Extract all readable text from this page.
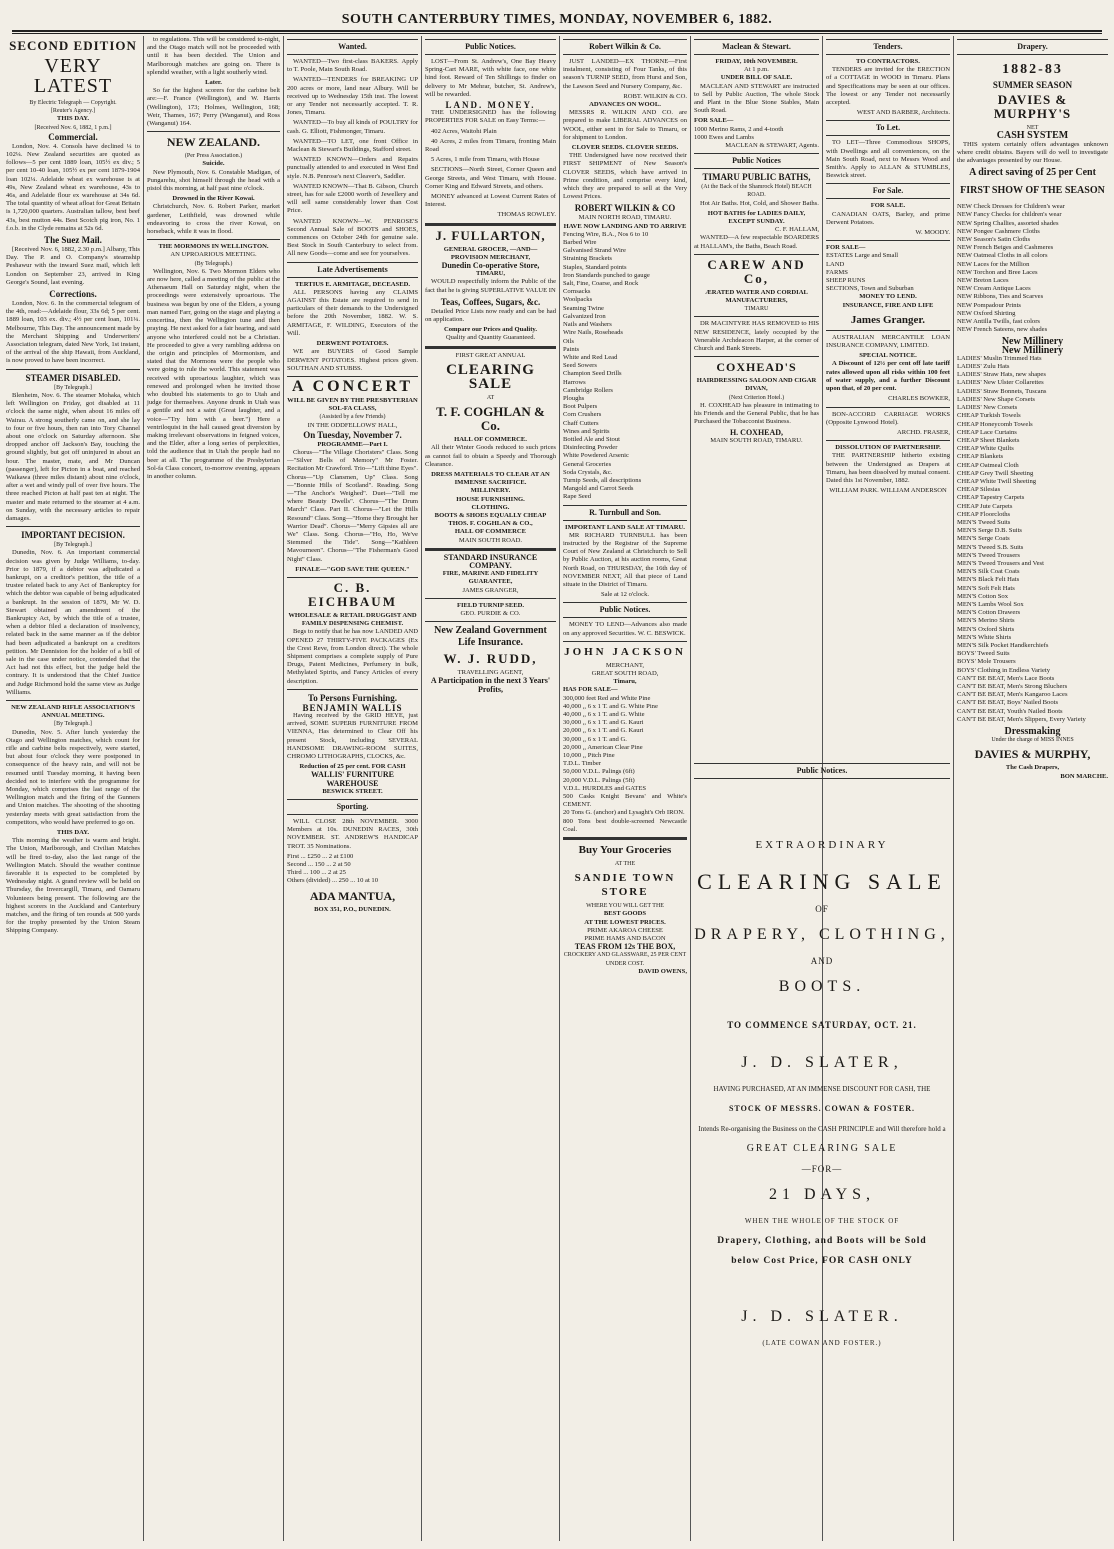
SOUTH CANTERBURY TIMES, MONDAY, NOVEMBER 6, 1882.
SECOND EDITION
VERY LATEST
By Electric Telegraph — Copyright.
[Reuter's Agency.]
THIS DAY.
[Received Nov. 6, 1882, 1 p.m.]
Commercial.

London, Nov. 4. Consols have declined ¼ to 102¼. New Zealand securities are quoted as follows—5 per cent 1889 loan, 105½ ex div.; 5 per cent 10-40 loan, 105½ ex per cent 1879-1904 loan 102¼. Adelaide wheat ex warehouse is at 49s, New Zealand wheat ex warehouse, 43s to 46s, and Adelaide flour ex warehouse at 34s 6d. The total quantity of wheat afloat for Great Britain is 1,720,000 quarters. Australian tallow, best beef 43s, best mutton 44s. Best Scotch pig iron, No. 1 f.o.b. in the Clyde remains at 52s 6d.

The Suez Mail.

[Received Nov. 6, 1882, 2.30 p.m.] Albany, This Day. The P. and O. Company's steamship Peshawur with the inward Suez mail, which left London on September 23, arrived in King George's Sound, last evening.

Corrections.

London, Nov. 6. In the commercial telegram of the 4th, read:—Adelaide flour, 33s 6d; 5 per cent. 1889 loan, 103 ex. div.; 4½ per cent loan, 101¼. Melbourne, This Day. The announcement made by the Merchant Shipping and Underwriters' Association telegram, dated New York, 1st instant, of the arrival of the ship Hawaii, from Auckland, is now proved to have been incorrect.

STEAMER DISABLED.
[By Telegraph.]

Blenheim, Nov. 6. The steamer Mohaka, which left Wellington on Friday, got disabled at 11 o'clock the same night, when about 16 miles off Wairau. A strong southerly came on, and she lay to four or five hours, then ran into Tory Channel about one o'clock on Saturday afternoon. She dropped anchor off Jackson's Bay, touching the ground slightly, but got off uninjured in about an hour. The master, mate, and Mr Duncan (passenger), left for Picton in a boat, and reached Waikawa (three miles distant) about nine o'clock, after a wet and windy pull of over five hours. The three reached Picton at half past ten at night. The master and mate returned to the steamer at 4 a.m. on Sunday, with the necessary articles to repair damages.

IMPORTANT DECISION.
[By Telegraph.]

Dunedin, Nov. 6. An important commercial decision was given by Judge Williams, to-day. Prior to 1879, if a debtor was adjudicated a bankrupt, on a creditor's petition, the title of a trustee related back to any Act of Bankruptcy for which the debtor was capable of being adjudicated a bankrupt. In the session of 1879, Mr W. D. Stewart obtained an amendment of the Bankruptcy Act, by which the title of a trustee, when a debtor filed a declaration of insolvency, related back in the same manner as if the debtor had been adjudicated a bankrupt on a creditors petition. Mr Denniston for the holder of a bill of sale in the case under notice, contended that the Act had not this effect, but the judge held the contrary. It is understood that the Chief Justice and Judge Richmond hold the same view as Judge Williams.

NEW ZEALAND RIFLE ASSOCIATION'S ANNUAL MEETING.
[By Telegraph.]

Dunedin, Nov. 5. After lunch yesterday the Otago and Wellington matches, which count for rifle and carbine belts respectively, were started, but about four o'clock they were postponed in consequence of the heavy rain, and will not be resumed until Tuesday morning, it having been decided not to interfere with the programme for Monday, which comprises the last range of the Wellington match and the firing of the Gunners and Union matches. The shooting of the shooting yesterday meets with great satisfaction from the competitors, who would have preferred to go on.

THIS DAY.

This morning the weather is warm and bright. The Union, Marlborough, and Civilian Matches will be fired to-day, also the last range of the Wellington Match. Should the weather continue favorable it is expected to be completed by Wednesday night. A grand review will be held on Thursday, the Invercargill, Timaru, and Oamaru Volunteers being present. The following are the highest scorers in the Auckland and Canterbury matches, and the firing of ten rounds at 500 yards for the trophy presented by the Union Steam Shipping Company.

to regulations. This will be considered to-night, and the Otago match will not be proceeded with until it has been decided. The Union and Marlborough matches are going on. There is splendid weather, with a light southerly wind.

Later.

So far the highest scorers for the carbine belt are:—F. France (Wellington), and W. Harris (Wellington), 173; Holmes, Wellington, 168; Weir, Thames, 167; Perry (Wanganui), and Ross (Wanganui) 164.

NEW ZEALAND.
(Per Press Association.)
Suicide.

New Plymouth, Nov. 6. Constable Madigan, of Pungarehu, shot himself through the head with a pistol this morning, at half past nine o'clock.

Drowned in the River Kowai.

Christchurch, Nov. 6. Robert Parker, market gardener, Leithfield, was drowned while endeavoring to cross the river Kowai, on horseback, while it was in flood.

THE MORMONS IN WELLINGTON.
AN UPROARIOUS MEETING.
(By Telegraph.)

Wellington, Nov. 6. Two Mormon Elders who are now here, called a meeting of the public at the Athenaeum Hall on Saturday night, when the proceedings were extensively uproarious. The business was begun by one of the Elders, a young man named Farr, going on the stage and playing a concertina, then the Wellington tune and then praying. He next asked for a fair hearing, and said anyone who interfered could not be a Christian. He proceeded to give a very rambling address on the origin and principles of Mormonism, and stated that the Mormons were the people who were going to rule the world. This statement was received with uproarious laughter, which was renewed and prolonged when he invited those who doubted his statements to go to Utah and judge for themselves. Anyone drunk in Utah was a gentile and not a saint (Great laughter, and a voice—"Try him with a beer.") Here a ventriloquist in the hall caused great diversion by making irrelevant observations in feigned voices, and the Elder, after a long series of perplexities, told the audience that in Utah the people had no beer at all. The programme of the Presbyterian Sol-fa Class concert, to-morrow evening, appears in another column.

Wanted.

WANTED—Two first-class BAKERS. Apply to T. Poole, Main South Road.

WANTED—TENDERS for BREAKING UP 200 acres or more, land near Albury. Will be received up to Wednesday 15th inst. The lowest or any Tender not necessarily accepted. T. R. Jones, Timaru.

WANTED—To buy all kinds of POULTRY for cash. G. Elliott, Fishmonger, Timaru.

WANTED—TO LET, one front Office in Maclean & Stewart's Buildings, Stafford street.

WANTED KNOWN—Orders and Repairs punctually attended to and executed in West End style. N.B. Penrose's next Cleaver's, Saddler.

WANTED KNOWN—That B. Gibson, Church street, has for sale £2000 worth of Jewellery and will sell same considerably lower than Cost Price.

WANTED KNOWN—W. PENROSE'S Second Annual Sale of BOOTS and SHOES, commences on October 24th for genuine sale. Best Stock in South Canterbury to select from. All new Goods—come and see for yourselves.

Late Advertisements
TERTIUS E. ARMITAGE, DECEASED.

ALL PERSONS having any CLAIMS AGAINST this Estate are required to send in particulars of their demands to the Undersigned before the 20th November, 1882. W. S. ARMITAGE, F. WILDING, Executors of the Will.

DERWENT POTATOES.

WE are BUYERS of Good Sample DERWENT POTATOES. Highest prices given. SOUTHAN AND STUBBS.

A CONCERT
WILL BE GIVEN BY THE PRESBYTERIAN SOL-FA CLASS,
(Assisted by a few Friends)
IN THE ODDFELLOWS' HALL,
On Tuesday, November 7.
PROGRAMME—Part I.

Chorus—"The Village Choristers" Class. Song—"Silver Bells of Memory" Mr Foster. Recitation Mr Crawford. Trio—"Lift thine Eyes". Chorus—"Up Clansmen, Up" Class. Song—"Bonnie Hills of Scotland". Reading. Song—"The Anchor's Weighed". Duet—"Tell me where Beauty Dwells". Chorus—"The Drum March" Class. Part II. Chorus—"Let the Hills Resound" Class. Song—"Home they Brought her Warrior Dead". Chorus—"Merry Gipsies all are We" Class. Song. Chorus—"Ho, Ho, We've Stemmed the Tide". Song—"Kathleen Mavourneen". Chorus—"The Fisherman's Good Night" Class.

FINALE—"GOD SAVE THE QUEEN."
C. B. EICHBAUM
WHOLESALE & RETAIL DRUGGIST AND FAMILY DISPENSING CHEMIST.

Begs to notify that he has now LANDED AND OPENED 27 THIRTY-FIVE PACKAGES (Ex the Crest Reve, from London direct). The whole Shipment comprises a complete supply of Pure Drugs, Patent Medicines, Perfumery in bulk, Methylated Spirits, and Fancy Articles of every description.

To Persons Furnishing.
BENJAMIN WALLIS

Having received by the GRID HEYE, just arrived, SOME SUPERB FURNITURE FROM VIENNA, Has determined to Clear Off his present Stock, including SEVERAL HANDSOME DRAWING-ROOM SUITES, CHROMO LITHOGRAPHS, CLOCKS, &c.

Reduction of 25 per cent. FOR CASH
WALLIS' FURNITURE WAREHOUSE
BESWICK STREET.
Sporting.

WILL CLOSE 28th NOVEMBER. 3000 Members at 10s. DUNEDIN RACES, 30th NOVEMBER. ST. ANDREW'S HANDICAP TROT. 35 Nominations.

First ... £250 ... 2 at £100
Second ... 150 ... 2 at 50
Third ... 100 ... 2 at 25
Others (divided) ... 250 ... 10 at 10
ADA MANTUA,
BOX 351, P.O., DUNEDIN.
Public Notices.

LOST—From St. Andrew's, One Bay Heavy Spring-Cart MARE, with white face, one white hind foot. Reward of Ten Shillings to finder on delivery to Mr Mehrar, butcher, St. Andrew's, will be rewarded.

LAND. MONEY.

THE UNDERSIGNED has the following PROPERTIES FOR SALE on Easy Terms:—

402 Acres, Waitohi Plain

40 Acres, 2 miles from Timaru, fronting Main Road

5 Acres, 1 mile from Timaru, with House

SECTIONS—North Street, Corner Queen and George Streets, and West Timaru, with House. Corner King and Edward Streets, and others.

MONEY advanced at Lowest Current Rates of Interest.

THOMAS ROWLEY.
J. FULLARTON,
GENERAL GROCER, —AND— PROVISION MERCHANT,
Dunedin Co-operative Store,
TIMARU,

WOULD respectfully inform the Public of the fact that he is giving SUPERLATIVE VALUE IN

Teas, Coffees, Sugars, &c.

Detailed Price Lists now ready and can be had on application.

Compare our Prices and Quality.
Quality and Quantity Guaranteed.
FIRST GREAT ANNUAL
CLEARING SALE
AT
T. F. COGHLAN & Co.
HALL OF COMMERCE.

All their Winter Goods reduced to such prices as cannot fail to obtain a Speedy and Thorough Clearance.

DRESS MATERIALS TO CLEAR AT AN IMMENSE SACRIFICE.
MILLINERY.
HOUSE FURNISHING.
CLOTHING.
BOOTS & SHOES EQUALLY CHEAP
THOS. F. COGHLAN & CO.,
HALL OF COMMERCE
MAIN SOUTH ROAD.
STANDARD INSURANCE COMPANY.
FIRE, MARINE AND FIDELITY GUARANTEE,
JAMES GRANGER,
FIELD TURNIP SEED.
GEO. PURDIE & CO.
New Zealand Government Life Insurance.
W. J. RUDD,
TRAVELLING AGENT,
A Participation in the next 3 Years' Profits,
Robert Wilkin & Co.

JUST LANDED—EX THORNE—First instalment, consisting of Four Tanks, of this season's TURNIP SEED, from Hurst and Son, the Lawson Seed and Nursery Company, &c.

ROBT. WILKIN & CO.
ADVANCES ON WOOL.

MESSRS R. WILKIN AND CO. are prepared to make LIBERAL ADVANCES on WOOL, either sent in for Sale to Timaru, or for shipment to London.

CLOVER SEEDS. CLOVER SEEDS.

THE Undersigned have now received their FIRST SHIPMENT of New Season's CLOVER SEEDS, which have arrived in Prime condition, and comprise every kind, which they are prepared to sell at the Very Lowest Prices.

ROBERT WILKIN & CO
MAIN NORTH ROAD, TIMARU.
HAVE NOW LANDING AND TO ARRIVE
Fencing Wire, B.A., Nos 6 to 10
Barbed Wire
Galvanised Strand Wire
Straining Brackets
Staples, Standard points
Iron Standards punched to gauge
Salt, Fine, Coarse, and Rock
Cornsacks
Woolpacks
Seaming Twine
Galvanized Iron
Nails and Washers
Wire Nails, Roseheads
Oils
Paints
White and Red Lead
Seed Sowers
Champion Seed Drills
Harrows
Cambridge Rollers
Ploughs
Boot Pulpers
Corn Crushers
Chaff Cutters
Wines and Spirits
Bottled Ale and Stout
Disinfecting Powder
White Powdered Arsenic
General Groceries
Soda Crystals, &c.
Turnip Seeds, all descriptions
Mangold and Carrot Seeds
Rape Seed
R. Turnbull and Son.
IMPORTANT LAND SALE AT TIMARU.

MR RICHARD TURNBULL has been instructed by the Registrar of the Supreme Court of New Zealand at Christchurch to Sell by Public Auction, at his auction rooms, Great North Road, on THURSDAY, the 16th day of NOVEMBER NEXT, All that piece of Land situate in the District of Timaru.

Sale at 12 o'clock.
Public Notices.

MONEY TO LEND—Advances also made on any approved Securities. W. C. BESWICK.

JOHN JACKSON
MERCHANT,
GREAT SOUTH ROAD,
Timaru,
HAS FOR SALE—
300,000 feet Red and White Pine
40,000 ,, 6 x 1 T. and G. White Pine
40,000 ,, 6 x 1 T. and G. White
30,000 ,, 6 x 1 T. and G. Kauri
20,000 ,, 6 x 1 T. and G. Kauri
30,000 ,, 6 x 1 T. and G.
20,000 ,, American Clear Pine
10,000 ,, Pitch Pine
T.D.L. Timber
50,000 V.D.L. Palings (6ft)
20,000 V.D.L. Palings (5ft)
V.D.L. HURDLES and GATES
500 Casks Knight Bevans' and White's CEMENT.
20 Tons G. (anchor) and Lysaght's Orb IRON.
800 Tons best double-screened Newcastle Coal.
Buy Your Groceries
AT THE
SANDIE TOWN STORE
WHERE YOU WILL GET THE
BEST GOODS
AT THE LOWEST PRICES.
PRIME AKAROA CHEESE
PRIME HAMS AND BACON
TEAS FROM 12s THE BOX,
CROCKERY AND GLASSWARE, 25 PER CENT UNDER COST.
DAVID OWENS,
Maclean & Stewart.
FRIDAY, 10th NOVEMBER.
At 1 p.m.
UNDER BILL OF SALE.

MACLEAN AND STEWART are instructed to Sell by Public Auction, The whole Stock and Plant in the Blue Stone Stables, Main South Road.

FOR SALE—
1000 Merino Rams, 2 and 4-tooth
1000 Ewes and Lambs
MACLEAN & STEWART, Agents.
Public Notices
TIMARU PUBLIC BATHS,
(At the Back of the Shamrock Hotel) BEACH ROAD.

Hot Air Baths. Hot, Cold, and Shower Baths.

HOT BATHS for LADIES DAILY, EXCEPT SUNDAY.
C. F. HALLAM,

WANTED—A few respectable BOARDERS at HALLAM's, the Baths, Beach Road.

CAREW AND Co,
ÆRATED WATER AND CORDIAL MANUFACTURERS,
TIMARU

DR MACINTYRE HAS REMOVED to HIS NEW RESIDENCE, lately occupied by the Venerable Archdeacon Harper, at the corner of Church and Bank Streets.

COXHEAD'S
HAIRDRESSING SALOON AND CIGAR DIVAN,
(Next Criterion Hotel.)

H. COXHEAD has pleasure in intimating to his Friends and the General Public, that he has Purchased the Tobacconist Business.

H. COXHEAD,
MAIN SOUTH ROAD, TIMARU.
Tenders.
TO CONTRACTORS.

TENDERS are invited for the ERECTION of a COTTAGE in WOOD in Timaru. Plans and Specifications may be seen at our offices. The lowest or any Tender not necessarily accepted.

WEST AND BARBER, Architects.
To Let.

TO LET—Three Commodious SHOPS, with Dwellings and all conveniences, on the Main South Road, next to Messrs Wood and Smith's. Apply to ALLAN & STUMBLES, Beswick street.

For Sale.
FOR SALE.

CANADIAN OATS, Barley, and prime Derwent Potatoes.

W. MOODY.
FOR SALE—
ESTATES Large and Small
LAND
FARMS
SHEEP RUNS
SECTIONS, Town and Suburban
MONEY TO LEND.
INSURANCE, FIRE AND LIFE
James Granger.

AUSTRALIAN MERCANTILE LOAN INSURANCE COMPANY, LIMITED.

SPECIAL NOTICE.

A Discount of 12½ per cent off late tariff rates allowed upon all risks within 100 feet of water supply, and a further Discount upon that, of 20 per cent.

CHARLES BOWKER,

BON-ACCORD CARRIAGE WORKS (Opposite Lynwood Hotel).

ARCHD. FRASER,
DISSOLUTION OF PARTNERSHIP.

THE PARTNERSHIP hitherto existing between the Undersigned as Drapers at Timaru, has been dissolved by mutual consent. Dated this 1st November, 1882.

WILLIAM PARK. WILLIAM ANDERSON
Public Notices.
EXTRAORDINARY
CLEARING SALE
OF
DRAPERY, CLOTHING,
AND
BOOTS.
TO COMMENCE SATURDAY, OCT. 21.
J. D. SLATER,
HAVING PURCHASED, AT AN IMMENSE DISCOUNT FOR CASH, THE
STOCK OF MESSRS. COWAN & FOSTER.
Intends Re-organising the Business on the CASH PRINCIPLE and Will therefore hold a
GREAT CLEARING SALE
—FOR—
21 DAYS,
WHEN THE WHOLE OF THE STOCK OF
Drapery, Clothing, and Boots will be Sold
below Cost Price, FOR CASH ONLY
J. D. SLATER.
(LATE COWAN AND FOSTER.)
Drapery.
1882-83
SUMMER SEASON
DAVIES & MURPHY'S
NET
CASH SYSTEM

THIS system certainly offers advantages unknown where credit obtains. Bayers will do well to investigate the advantages presented by our House.

A direct saving of 25 per Cent
FIRST SHOW OF THE SEASON
NEW Check Dresses for Children's wear
NEW Fancy Checks for children's wear
NEW Spring Challies, assorted shades
NEW Pongee Cashmere Cloths
NEW Season's Satin Cloths
NEW French Beiges and Cashmeres
NEW Oatmeal Cloths in all colors
NEW Laces for the Million
NEW Torchon and Bree Laces
NEW Breton Laces
NEW Cream Antique Laces
NEW Ribbons, Ties and Scarves
NEW Pompadour Prints
NEW Oxford Shirting
NEW Antilla Twills, fast colors
NEW French Sateens, new shades
New Millinery
New Millinery
LADIES' Muslin Trimmed Hats
LADIES' Zulu Hats
LADIES' Straw Hats, new shapes
LADIES' New Ulster Collarettes
LADIES' Straw Bonnets, Tuscans
LADIES' New Shape Corsets
LADIES' New Corsets
CHEAP Turkish Towels
CHEAP Honeycomb Towels
CHEAP Lace Curtains
CHEAP Sheet Blankets
CHEAP White Quilts
CHEAP Blankets
CHEAP Oatmeal Cloth
CHEAP Grey Twill Sheeting
CHEAP White Twill Sheeting
CHEAP Silesias
CHEAP Tapestry Carpets
CHEAP Jute Carpets
CHEAP Floorcloths
MEN'S Tweed Suits
MEN'S Serge D.B. Suits
MEN'S Serge Coats
MEN'S Tweed S.B. Suits
MEN'S Tweed Trousers
MEN'S Tweed Trousers and Vest
MEN'S Silk Coat Coats
MEN'S Black Felt Hats
MEN'S Soft Felt Hats
MEN'S Cotton Sox
MEN'S Lambs Wool Sox
MEN'S Cotton Drawers
MEN'S Merino Shirts
MEN'S Oxford Shirts
MEN'S White Shirts
MEN'S Silk Pocket Handkerchiefs
BOYS' Tweed Suits
BOYS' Mole Trousers
BOYS' Clothing in Endless Variety
CAN'T BE BEAT, Men's Lace Boots
CAN'T BE BEAT, Men's Strong Bluchers
CAN'T BE BEAT, Men's Kangaroo Laces
CAN'T BE BEAT, Boys' Nailed Boots
CAN'T BE BEAT, Youth's Nailed Boots
CAN'T BE BEAT, Men's Slippers, Every Variety
Dressmaking
Under the charge of MISS INNES
DAVIES & MURPHY,
The Cash Drapers,
BON MARCHE.
